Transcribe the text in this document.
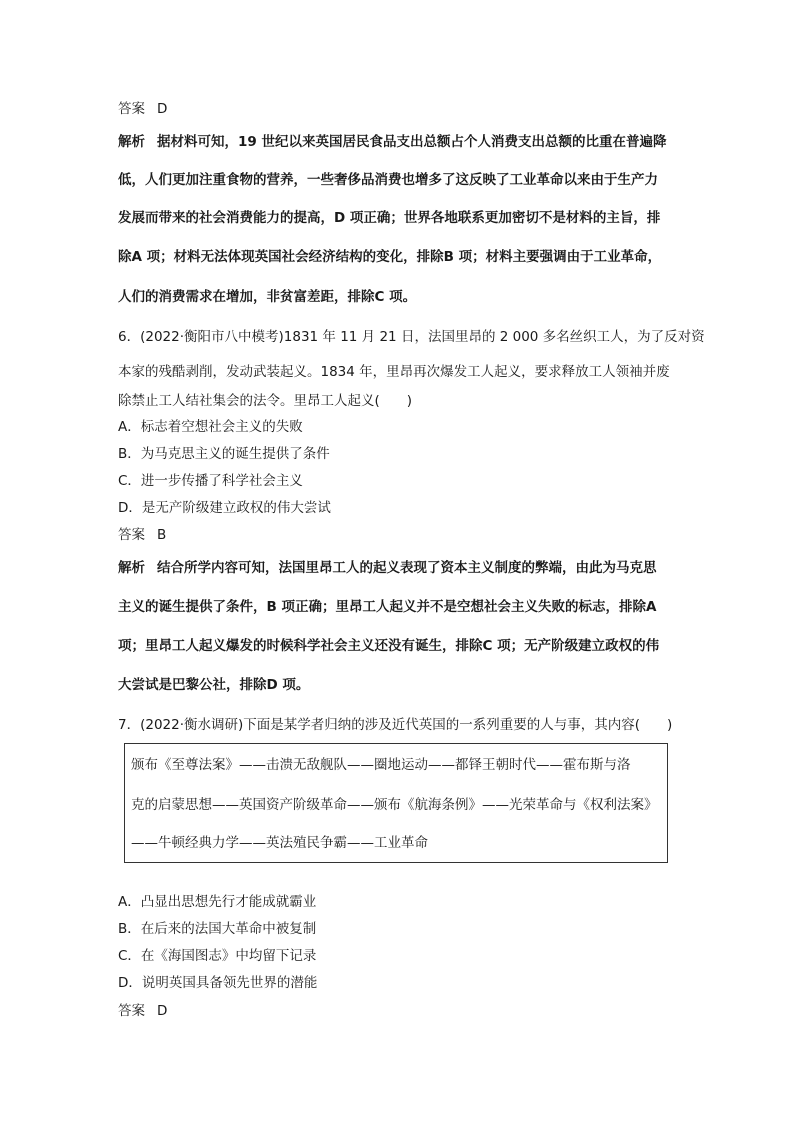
答案 D
解析 据材料可知，19 世纪以来英国居民食品支出总额占个人消费支出总额的比重在普遍降
低，人们更加注重食物的营养，一些奢侈品消费也增多了这反映了工业革命以来由于生产力
发展而带来的社会消费能力的提高，D 项正确；世界各地联系更加密切不是材料的主旨，排
除A 项；材料无法体现英国社会经济结构的变化，排除B 项；材料主要强调由于工业革命，
人们的消费需求在增加，非贫富差距，排除C 项。
6．(2022·衡阳市八中模考)1831 年 11 月 21 日，法国里昂的 2 000 多名丝织工人，为了反对资
本家的残酷剥削，发动武装起义。1834 年，里昂再次爆发工人起义，要求释放工人领袖并废
除禁止工人结社集会的法令。里昂工人起义(　　)
A．标志着空想社会主义的失败
B．为马克思主义的诞生提供了条件
C．进一步传播了科学社会主义
D．是无产阶级建立政权的伟大尝试
答案 B
解析 结合所学内容可知，法国里昂工人的起义表现了资本主义制度的弊端，由此为马克思
主义的诞生提供了条件，B 项正确；里昂工人起义并不是空想社会主义失败的标志，排除A
项；里昂工人起义爆发的时候科学社会主义还没有诞生，排除C 项；无产阶级建立政权的伟
大尝试是巴黎公社，排除D 项。
7．(2022·衡水调研)下面是某学者归纳的涉及近代英国的一系列重要的人与事，其内容(　　)
颁布《至尊法案》——击溃无敌舰队——圈地运动——都铎王朝时代——霍布斯与洛
克的启蒙思想——英国资产阶级革命——颁布《航海条例》——光荣革命与《权利法案》
——牛顿经典力学——英法殖民争霸——工业革命
A．凸显出思想先行才能成就霸业
B．在后来的法国大革命中被复制
C．在《海国图志》中均留下记录
D．说明英国具备领先世界的潜能
答案 D
